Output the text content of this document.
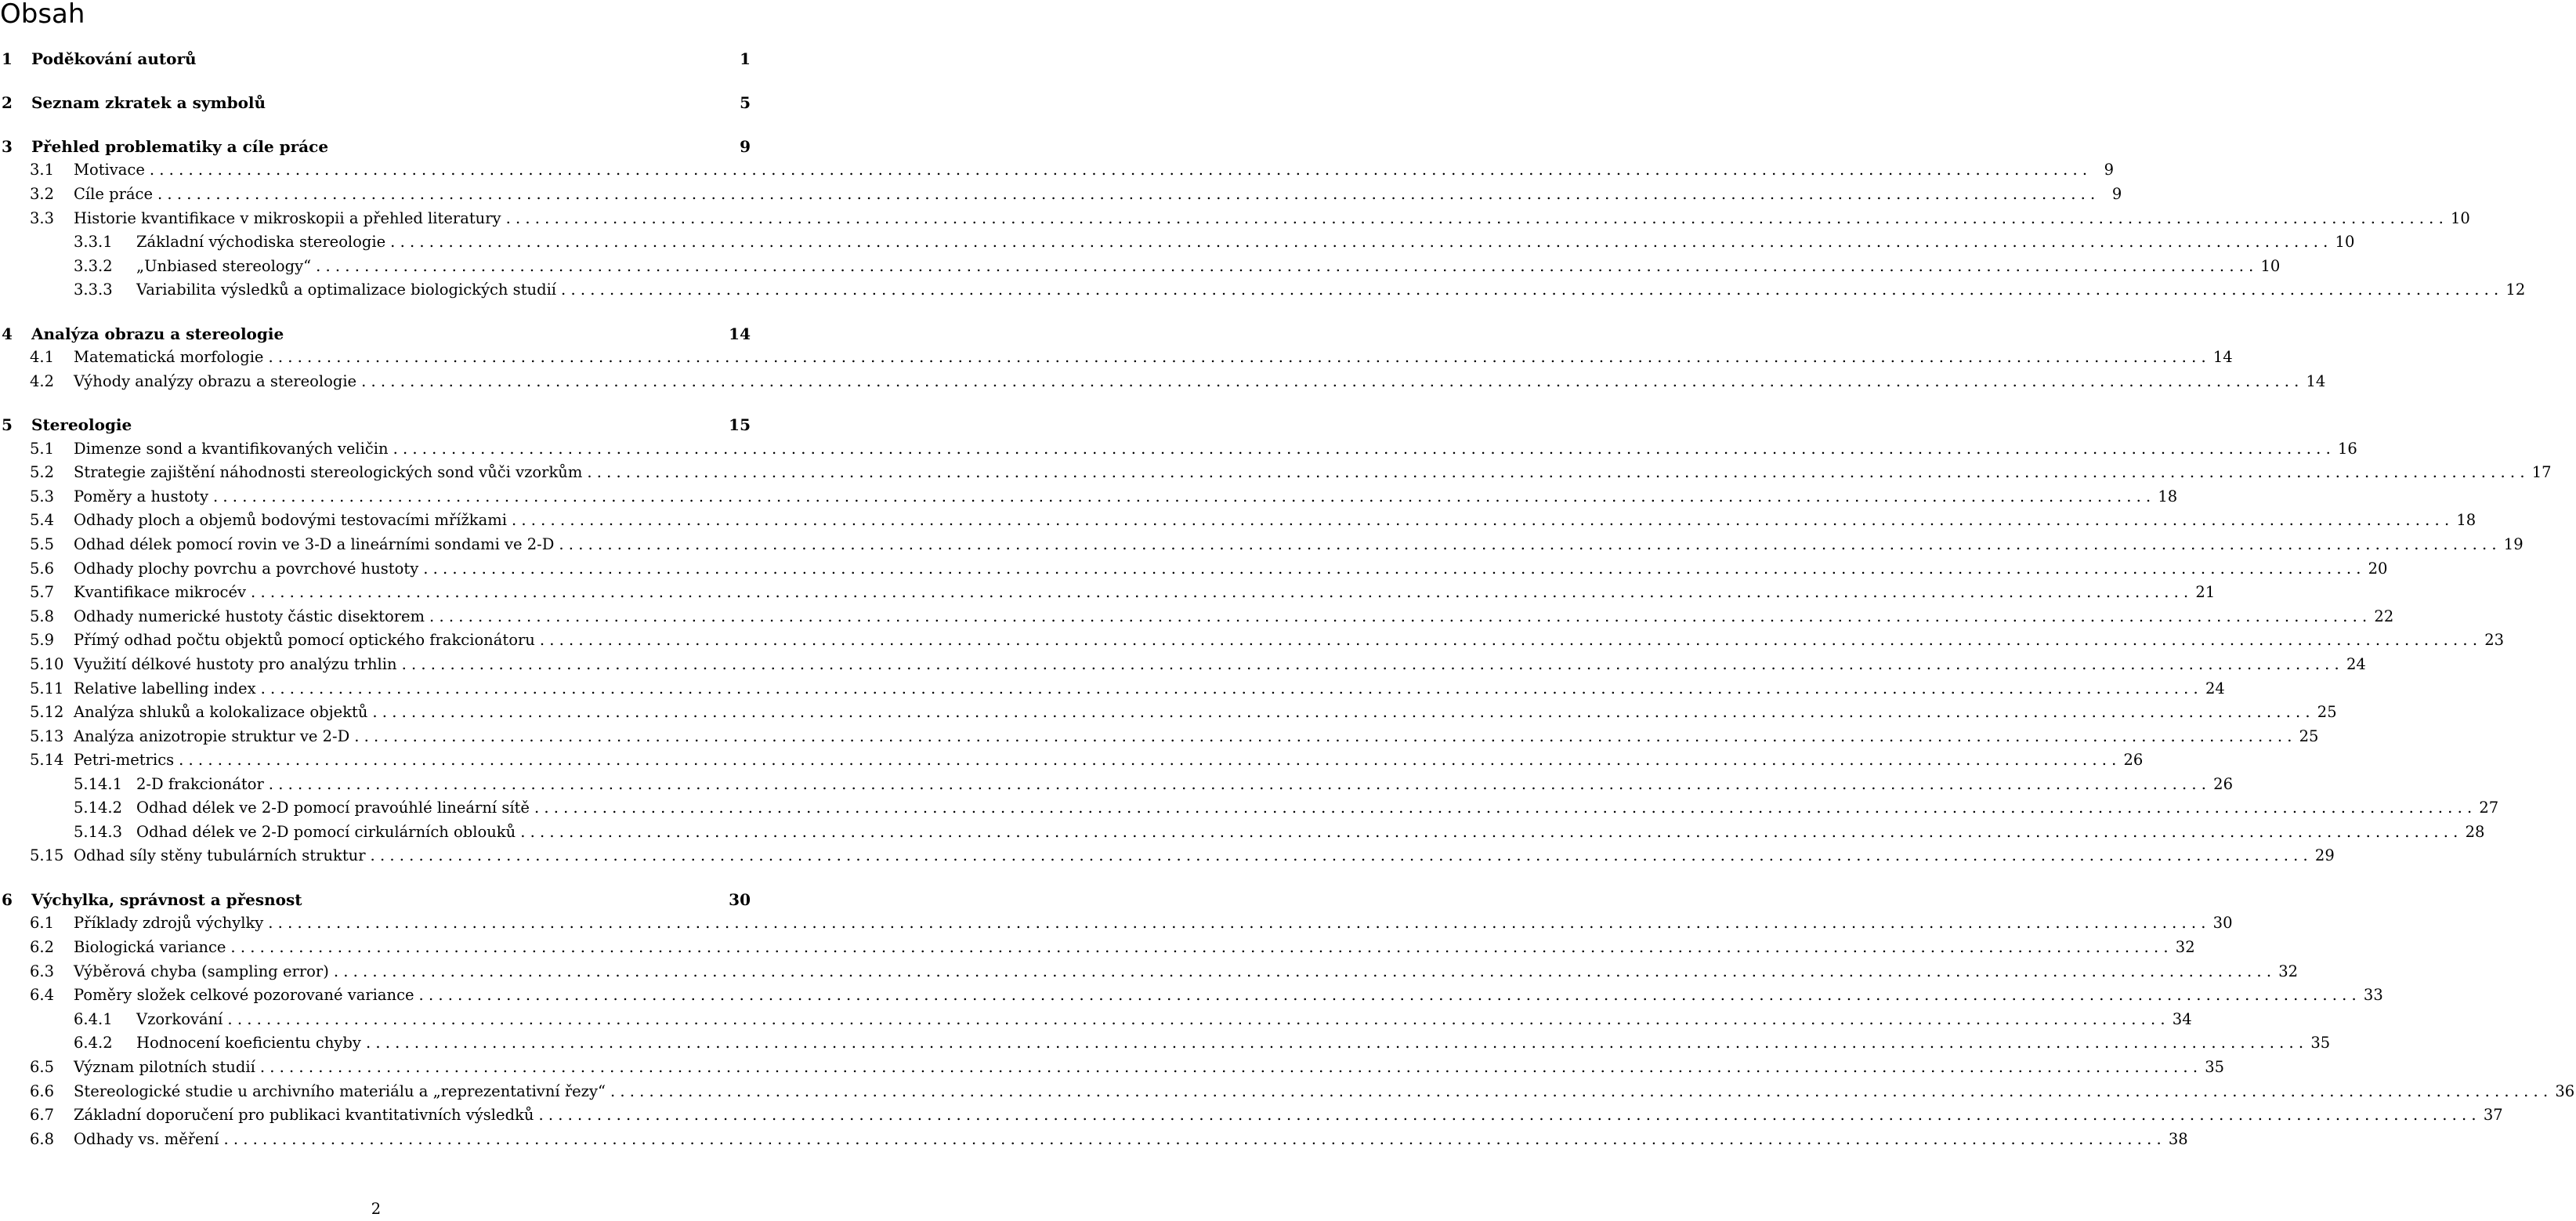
Obsah
1	Poděkování autorů	1
2	Seznam zkratek a symbolů	5
3	Přehled problematiky a cíle práce	9
3.1	Motivace . . . . . . . . . . . . . . . . . . . . . . . . . . . . . . . . . . . . . . . . . . . . . . . . . . . . . . . . . . . . . . . . . . . . . . . . . . . . . . . . . . . . . . . . . . . . . . . . . . . . . . . . . . . . . . . . . . . . . . . . . . . . . . . . . . . . . . . . . . . . . . . . . . . . . . . . . . . . . . . . . . . . . . . . . . . . . . . . . . . . . . . . . . . . . . . . . . . . . . . .	9
3.2	Cíle práce . . . . . . . . . . . . . . . . . . . . . . . . . . . . . . . . . . . . . . . . . . . . . . . . . . . . . . . . . . . . . . . . . . . . . . . . . . . . . . . . . . . . . . . . . . . . . . . . . . . . . . . . . . . . . . . . . . . . . . . . . . . . . . . . . . . . . . . . . . . . . . . . . . . . . . . . . . . . . . . . . . . . . . . . . . . . . . . . . . . . . . . . . . . . . . . . . . . . . . . .	9
3.3	Historie kvantifikace v mikroskopii a přehled literatury . . . . . . . . . . . . . . . . . . . . . . . . . . . . . . . . . . . . . . . . . . . . . . . . . . . . . . . . . . . . . . . . . . . . . . . . . . . . . . . . . . . . . . . . . . . . . . . . . . . . . . . . . . . . . . . . . . . . . . . . . . . . . . . . . . . . . . . . . . . . . . . . . . . . . . . . . . . . . . . . . . . . . . . . . . . . . . . . . . . . . . . . . . . . . . . . . . . . . . . . 10
3.3.1	Základní východiska stereologie . . . . . . . . . . . . . . . . . . . . . . . . . . . . . . . . . . . . . . . . . . . . . . . . . . . . . . . . . . . . . . . . . . . . . . . . . . . . . . . . . . . . . . . . . . . . . . . . . . . . . . . . . . . . . . . . . . . . . . . . . . . . . . . . . . . . . . . . . . . . . . . . . . . . . . . . . . . . . . . . . . . . . . . . . . . . . . . . . . . . . . . . . . . . . . . . . . . . . . . . 10
3.3.2	„Unbiased stereology“ . . . . . . . . . . . . . . . . . . . . . . . . . . . . . . . . . . . . . . . . . . . . . . . . . . . . . . . . . . . . . . . . . . . . . . . . . . . . . . . . . . . . . . . . . . . . . . . . . . . . . . . . . . . . . . . . . . . . . . . . . . . . . . . . . . . . . . . . . . . . . . . . . . . . . . . . . . . . . . . . . . . . . . . . . . . . . . . . . . . . . . . . . . . . . . . . . . . . . . . . 10
3.3.3	Variabilita výsledků a optimalizace biologických studií . . . . . . . . . . . . . . . . . . . . . . . . . . . . . . . . . . . . . . . . . . . . . . . . . . . . . . . . . . . . . . . . . . . . . . . . . . . . . . . . . . . . . . . . . . . . . . . . . . . . . . . . . . . . . . . . . . . . . . . . . . . . . . . . . . . . . . . . . . . . . . . . . . . . . . . . . . . . . . . . . . . . . . . . . . . . . . . . . . . . . . . . . . . . . . . . . . . . . . . . 12
4	Analýza obrazu a stereologie	14
4.1	Matematická morfologie . . . . . . . . . . . . . . . . . . . . . . . . . . . . . . . . . . . . . . . . . . . . . . . . . . . . . . . . . . . . . . . . . . . . . . . . . . . . . . . . . . . . . . . . . . . . . . . . . . . . . . . . . . . . . . . . . . . . . . . . . . . . . . . . . . . . . . . . . . . . . . . . . . . . . . . . . . . . . . . . . . . . . . . . . . . . . . . . . . . . . . . . . . . . . . . . . . . . . . . . 14
4.2	Výhody analýzy obrazu a stereologie . . . . . . . . . . . . . . . . . . . . . . . . . . . . . . . . . . . . . . . . . . . . . . . . . . . . . . . . . . . . . . . . . . . . . . . . . . . . . . . . . . . . . . . . . . . . . . . . . . . . . . . . . . . . . . . . . . . . . . . . . . . . . . . . . . . . . . . . . . . . . . . . . . . . . . . . . . . . . . . . . . . . . . . . . . . . . . . . . . . . . . . . . . . . . . . . . . . . . . . . 14
5	Stereologie	15
5.1	Dimenze sond a kvantifikovaných veličin . . . . . . . . . . . . . . . . . . . . . . . . . . . . . . . . . . . . . . . . . . . . . . . . . . . . . . . . . . . . . . . . . . . . . . . . . . . . . . . . . . . . . . . . . . . . . . . . . . . . . . . . . . . . . . . . . . . . . . . . . . . . . . . . . . . . . . . . . . . . . . . . . . . . . . . . . . . . . . . . . . . . . . . . . . . . . . . . . . . . . . . . . . . . . . . . . . . . . . . . 16
5.2	Strategie zajištění náhodnosti stereologických sond vůči vzorkům . . . . . . . . . . . . . . . . . . . . . . . . . . . . . . . . . . . . . . . . . . . . . . . . . . . . . . . . . . . . . . . . . . . . . . . . . . . . . . . . . . . . . . . . . . . . . . . . . . . . . . . . . . . . . . . . . . . . . . . . . . . . . . . . . . . . . . . . . . . . . . . . . . . . . . . . . . . . . . . . . . . . . . . . . . . . . . . . . . . . . . . . . . . . . . . . . . . . . . . . 17
5.3	Poměry a hustoty . . . . . . . . . . . . . . . . . . . . . . . . . . . . . . . . . . . . . . . . . . . . . . . . . . . . . . . . . . . . . . . . . . . . . . . . . . . . . . . . . . . . . . . . . . . . . . . . . . . . . . . . . . . . . . . . . . . . . . . . . . . . . . . . . . . . . . . . . . . . . . . . . . . . . . . . . . . . . . . . . . . . . . . . . . . . . . . . . . . . . . . . . . . . . . . . . . . . . . . . 18
5.4	Odhady ploch a objemů bodovými testovacími mřížkami . . . . . . . . . . . . . . . . . . . . . . . . . . . . . . . . . . . . . . . . . . . . . . . . . . . . . . . . . . . . . . . . . . . . . . . . . . . . . . . . . . . . . . . . . . . . . . . . . . . . . . . . . . . . . . . . . . . . . . . . . . . . . . . . . . . . . . . . . . . . . . . . . . . . . . . . . . . . . . . . . . . . . . . . . . . . . . . . . . . . . . . . . . . . . . . . . . . . . . . . 18
5.5	Odhad délek pomocí rovin ve 3-D a lineárními sondami ve 2-D . . . . . . . . . . . . . . . . . . . . . . . . . . . . . . . . . . . . . . . . . . . . . . . . . . . . . . . . . . . . . . . . . . . . . . . . . . . . . . . . . . . . . . . . . . . . . . . . . . . . . . . . . . . . . . . . . . . . . . . . . . . . . . . . . . . . . . . . . . . . . . . . . . . . . . . . . . . . . . . . . . . . . . . . . . . . . . . . . . . . . . . . . . . . . . . . . . . . . . . . 19
5.6	Odhady plochy povrchu a povrchové hustoty . . . . . . . . . . . . . . . . . . . . . . . . . . . . . . . . . . . . . . . . . . . . . . . . . . . . . . . . . . . . . . . . . . . . . . . . . . . . . . . . . . . . . . . . . . . . . . . . . . . . . . . . . . . . . . . . . . . . . . . . . . . . . . . . . . . . . . . . . . . . . . . . . . . . . . . . . . . . . . . . . . . . . . . . . . . . . . . . . . . . . . . . . . . . . . . . . . . . . . . . 20
5.7	Kvantifikace mikrocév . . . . . . . . . . . . . . . . . . . . . . . . . . . . . . . . . . . . . . . . . . . . . . . . . . . . . . . . . . . . . . . . . . . . . . . . . . . . . . . . . . . . . . . . . . . . . . . . . . . . . . . . . . . . . . . . . . . . . . . . . . . . . . . . . . . . . . . . . . . . . . . . . . . . . . . . . . . . . . . . . . . . . . . . . . . . . . . . . . . . . . . . . . . . . . . . . . . . . . . . 21
5.8	Odhady numerické hustoty částic disektorem . . . . . . . . . . . . . . . . . . . . . . . . . . . . . . . . . . . . . . . . . . . . . . . . . . . . . . . . . . . . . . . . . . . . . . . . . . . . . . . . . . . . . . . . . . . . . . . . . . . . . . . . . . . . . . . . . . . . . . . . . . . . . . . . . . . . . . . . . . . . . . . . . . . . . . . . . . . . . . . . . . . . . . . . . . . . . . . . . . . . . . . . . . . . . . . . . . . . . . . . 22
5.9	Přímý odhad počtu objektů pomocí optického frakcionátoru . . . . . . . . . . . . . . . . . . . . . . . . . . . . . . . . . . . . . . . . . . . . . . . . . . . . . . . . . . . . . . . . . . . . . . . . . . . . . . . . . . . . . . . . . . . . . . . . . . . . . . . . . . . . . . . . . . . . . . . . . . . . . . . . . . . . . . . . . . . . . . . . . . . . . . . . . . . . . . . . . . . . . . . . . . . . . . . . . . . . . . . . . . . . . . . . . . . . . . . . 23
5.10 Využití délkové hustoty pro analýzu trhlin . . . . . . . . . . . . . . . . . . . . . . . . . . . . . . . . . . . . . . . . . . . . . . . . . . . . . . . . . . . . . . . . . . . . . . . . . . . . . . . . . . . . . . . . . . . . . . . . . . . . . . . . . . . . . . . . . . . . . . . . . . . . . . . . . . . . . . . . . . . . . . . . . . . . . . . . . . . . . . . . . . . . . . . . . . . . . . . . . . . . . . . . . . . . . . . . . . . . . . . . 24
5.11 Relative labelling index . . . . . . . . . . . . . . . . . . . . . . . . . . . . . . . . . . . . . . . . . . . . . . . . . . . . . . . . . . . . . . . . . . . . . . . . . . . . . . . . . . . . . . . . . . . . . . . . . . . . . . . . . . . . . . . . . . . . . . . . . . . . . . . . . . . . . . . . . . . . . . . . . . . . . . . . . . . . . . . . . . . . . . . . . . . . . . . . . . . . . . . . . . . . . . . . . . . . . . . . 24
5.12 Analýza shluků a kolokalizace objektů . . . . . . . . . . . . . . . . . . . . . . . . . . . . . . . . . . . . . . . . . . . . . . . . . . . . . . . . . . . . . . . . . . . . . . . . . . . . . . . . . . . . . . . . . . . . . . . . . . . . . . . . . . . . . . . . . . . . . . . . . . . . . . . . . . . . . . . . . . . . . . . . . . . . . . . . . . . . . . . . . . . . . . . . . . . . . . . . . . . . . . . . . . . . . . . . . . . . . . . . 25
5.13 Analýza anizotropie struktur ve 2-D . . . . . . . . . . . . . . . . . . . . . . . . . . . . . . . . . . . . . . . . . . . . . . . . . . . . . . . . . . . . . . . . . . . . . . . . . . . . . . . . . . . . . . . . . . . . . . . . . . . . . . . . . . . . . . . . . . . . . . . . . . . . . . . . . . . . . . . . . . . . . . . . . . . . . . . . . . . . . . . . . . . . . . . . . . . . . . . . . . . . . . . . . . . . . . . . . . . . . . . . 25
5.14 Petri-metrics . . . . . . . . . . . . . . . . . . . . . . . . . . . . . . . . . . . . . . . . . . . . . . . . . . . . . . . . . . . . . . . . . . . . . . . . . . . . . . . . . . . . . . . . . . . . . . . . . . . . . . . . . . . . . . . . . . . . . . . . . . . . . . . . . . . . . . . . . . . . . . . . . . . . . . . . . . . . . . . . . . . . . . . . . . . . . . . . . . . . . . . . . . . . . . . . . . . . . . . . 26
5.14.1 2-D frakcionátor . . . . . . . . . . . . . . . . . . . . . . . . . . . . . . . . . . . . . . . . . . . . . . . . . . . . . . . . . . . . . . . . . . . . . . . . . . . . . . . . . . . . . . . . . . . . . . . . . . . . . . . . . . . . . . . . . . . . . . . . . . . . . . . . . . . . . . . . . . . . . . . . . . . . . . . . . . . . . . . . . . . . . . . . . . . . . . . . . . . . . . . . . . . . . . . . . . . . . . . . 26
5.14.2 Odhad délek ve 2-D pomocí pravoúhlé lineární sítě . . . . . . . . . . . . . . . . . . . . . . . . . . . . . . . . . . . . . . . . . . . . . . . . . . . . . . . . . . . . . . . . . . . . . . . . . . . . . . . . . . . . . . . . . . . . . . . . . . . . . . . . . . . . . . . . . . . . . . . . . . . . . . . . . . . . . . . . . . . . . . . . . . . . . . . . . . . . . . . . . . . . . . . . . . . . . . . . . . . . . . . . . . . . . . . . . . . . . . . . 27
5.14.3 Odhad délek ve 2-D pomocí cirkulárních oblouků . . . . . . . . . . . . . . . . . . . . . . . . . . . . . . . . . . . . . . . . . . . . . . . . . . . . . . . . . . . . . . . . . . . . . . . . . . . . . . . . . . . . . . . . . . . . . . . . . . . . . . . . . . . . . . . . . . . . . . . . . . . . . . . . . . . . . . . . . . . . . . . . . . . . . . . . . . . . . . . . . . . . . . . . . . . . . . . . . . . . . . . . . . . . . . . . . . . . . . . . 28
5.15 Odhad síly stěny tubulárních struktur . . . . . . . . . . . . . . . . . . . . . . . . . . . . . . . . . . . . . . . . . . . . . . . . . . . . . . . . . . . . . . . . . . . . . . . . . . . . . . . . . . . . . . . . . . . . . . . . . . . . . . . . . . . . . . . . . . . . . . . . . . . . . . . . . . . . . . . . . . . . . . . . . . . . . . . . . . . . . . . . . . . . . . . . . . . . . . . . . . . . . . . . . . . . . . . . . . . . . . . . 29
6	Výchylka, správnost a přesnost	30
6.1	Příklady zdrojů výchylky . . . . . . . . . . . . . . . . . . . . . . . . . . . . . . . . . . . . . . . . . . . . . . . . . . . . . . . . . . . . . . . . . . . . . . . . . . . . . . . . . . . . . . . . . . . . . . . . . . . . . . . . . . . . . . . . . . . . . . . . . . . . . . . . . . . . . . . . . . . . . . . . . . . . . . . . . . . . . . . . . . . . . . . . . . . . . . . . . . . . . . . . . . . . . . . . . . . . . . . . 30
6.2	Biologická variance . . . . . . . . . . . . . . . . . . . . . . . . . . . . . . . . . . . . . . . . . . . . . . . . . . . . . . . . . . . . . . . . . . . . . . . . . . . . . . . . . . . . . . . . . . . . . . . . . . . . . . . . . . . . . . . . . . . . . . . . . . . . . . . . . . . . . . . . . . . . . . . . . . . . . . . . . . . . . . . . . . . . . . . . . . . . . . . . . . . . . . . . . . . . . . . . . . . . . . . . 32
6.3	Výběrová chyba (sampling error) . . . . . . . . . . . . . . . . . . . . . . . . . . . . . . . . . . . . . . . . . . . . . . . . . . . . . . . . . . . . . . . . . . . . . . . . . . . . . . . . . . . . . . . . . . . . . . . . . . . . . . . . . . . . . . . . . . . . . . . . . . . . . . . . . . . . . . . . . . . . . . . . . . . . . . . . . . . . . . . . . . . . . . . . . . . . . . . . . . . . . . . . . . . . . . . . . . . . . . . . 32
6.4	Poměry složek celkové pozorované variance . . . . . . . . . . . . . . . . . . . . . . . . . . . . . . . . . . . . . . . . . . . . . . . . . . . . . . . . . . . . . . . . . . . . . . . . . . . . . . . . . . . . . . . . . . . . . . . . . . . . . . . . . . . . . . . . . . . . . . . . . . . . . . . . . . . . . . . . . . . . . . . . . . . . . . . . . . . . . . . . . . . . . . . . . . . . . . . . . . . . . . . . . . . . . . . . . . . . . . . . 33
6.4.1	Vzorkování . . . . . . . . . . . . . . . . . . . . . . . . . . . . . . . . . . . . . . . . . . . . . . . . . . . . . . . . . . . . . . . . . . . . . . . . . . . . . . . . . . . . . . . . . . . . . . . . . . . . . . . . . . . . . . . . . . . . . . . . . . . . . . . . . . . . . . . . . . . . . . . . . . . . . . . . . . . . . . . . . . . . . . . . . . . . . . . . . . . . . . . . . . . . . . . . . . . . . . . . 34
6.4.2	Hodnocení koeficientu chyby . . . . . . . . . . . . . . . . . . . . . . . . . . . . . . . . . . . . . . . . . . . . . . . . . . . . . . . . . . . . . . . . . . . . . . . . . . . . . . . . . . . . . . . . . . . . . . . . . . . . . . . . . . . . . . . . . . . . . . . . . . . . . . . . . . . . . . . . . . . . . . . . . . . . . . . . . . . . . . . . . . . . . . . . . . . . . . . . . . . . . . . . . . . . . . . . . . . . . . . . 35
6.5	Význam pilotních studií . . . . . . . . . . . . . . . . . . . . . . . . . . . . . . . . . . . . . . . . . . . . . . . . . . . . . . . . . . . . . . . . . . . . . . . . . . . . . . . . . . . . . . . . . . . . . . . . . . . . . . . . . . . . . . . . . . . . . . . . . . . . . . . . . . . . . . . . . . . . . . . . . . . . . . . . . . . . . . . . . . . . . . . . . . . . . . . . . . . . . . . . . . . . . . . . . . . . . . . . 35
6.6	Stereologické studie u archivního materiálu a „reprezentativní řezy“ . . . . . . . . . . . . . . . . . . . . . . . . . . . . . . . . . . . . . . . . . . . . . . . . . . . . . . . . . . . . . . . . . . . . . . . . . . . . . . . . . . . . . . . . . . . . . . . . . . . . . . . . . . . . . . . . . . . . . . . . . . . . . . . . . . . . . . . . . . . . . . . . . . . . . . . . . . . . . . . . . . . . . . . . . . . . . . . . . . . . . . . . . . . . . . . . . . . . . . . . 36
6.7	Základní doporučení pro publikaci kvantitativních výsledků . . . . . . . . . . . . . . . . . . . . . . . . . . . . . . . . . . . . . . . . . . . . . . . . . . . . . . . . . . . . . . . . . . . . . . . . . . . . . . . . . . . . . . . . . . . . . . . . . . . . . . . . . . . . . . . . . . . . . . . . . . . . . . . . . . . . . . . . . . . . . . . . . . . . . . . . . . . . . . . . . . . . . . . . . . . . . . . . . . . . . . . . . . . . . . . . . . . . . . . . 37
6.8	Odhady vs. měření . . . . . . . . . . . . . . . . . . . . . . . . . . . . . . . . . . . . . . . . . . . . . . . . . . . . . . . . . . . . . . . . . . . . . . . . . . . . . . . . . . . . . . . . . . . . . . . . . . . . . . . . . . . . . . . . . . . . . . . . . . . . . . . . . . . . . . . . . . . . . . . . . . . . . . . . . . . . . . . . . . . . . . . . . . . . . . . . . . . . . . . . . . . . . . . . . . . . . . . . 38
2
